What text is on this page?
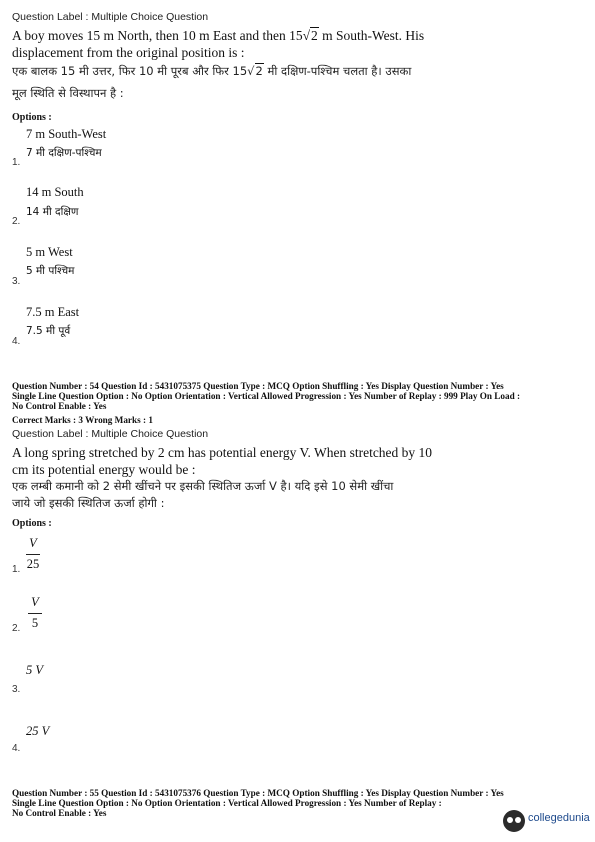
Question Label : Multiple Choice Question
A boy moves 15 m North, then 10 m East and then 15√2 m South-West. His
displacement from the original position is :
एक बालक 15 मी उत्तर, फिर 10 मी पूरब और फिर 15√2 मी दक्षिण-पश्चिम चलता है। उसका
मूल स्थिति से विस्थापन है :
Options :
7 m South-West
7 मी दक्षिण-पश्चिम
1.
14 m South
14 मी दक्षिण
2.
5 m West
5 मी पश्चिम
3.
7.5 m East
7.5 मी पूर्व
4.
Question Number : 54 Question Id : 5431075375 Question Type : MCQ Option Shuffling : Yes Display Question Number : Yes
Single Line Question Option : No Option Orientation : Vertical Allowed Progression : Yes Number of Replay : 999 Play On Load :
No Control Enable : Yes
Correct Marks : 3 Wrong Marks : 1
Question Label : Multiple Choice Question
A long spring stretched by 2 cm has potential energy V. When stretched by 10
cm its potential energy would be :
एक लम्बी कमानी को 2 सेमी खींचने पर इसकी स्थितिज ऊर्जा V है। यदि इसे 10 सेमी खींचा
जाये जो इसकी स्थितिज ऊर्जा होगी :
Options :
$\frac{V}{25}$
1.
$\frac{V}{5}$
2.
5 V
3.
25 V
4.
Question Number : 55 Question Id : 5431075376 Question Type : MCQ Option Shuffling : Yes Display Question Number : Yes
Single Line Question Option : No Option Orientation : Vertical Allowed Progression : Yes Number of Replay :
No Control Enable : Yes	collegedunia
